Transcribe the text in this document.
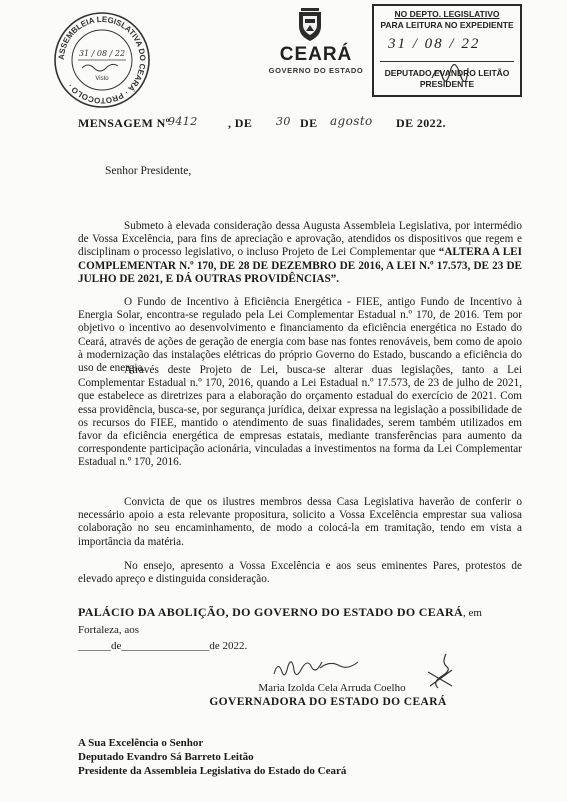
ASSEMBLEIA LEGISLATIVA DO CEARÁ · PROTOCOLO ·
31 / 08 / 22
Visto
CEARÁ
GOVERNO DO ESTADO
NO DEPTO. LEGISLATIVO
PARA LEITURA NO EXPEDIENTE
31 / 08 / 22
DEPUTADO EVANDRO LEITÃO
PRESIDENTE
MENSAGEM Nº
9412	, DE 30 DE agosto DE 2022.
Senhor Presidente,

Submeto à elevada consideração dessa Augusta Assembleia Legislativa, por intermédio de Vossa Excelência, para fins de apreciação e aprovação, atendidos os dispositivos que regem e disciplinam o processo legislativo, o incluso Projeto de Lei Complementar que “ALTERA A LEI COMPLEMENTAR N.º 170, DE 28 DE DEZEMBRO DE 2016, A LEI N.º 17.573, DE 23 DE JULHO DE 2021, E DÁ OUTRAS PROVIDÊNCIAS”.

O Fundo de Incentivo à Eficiência Energética - FIEE, antigo Fundo de Incentivo à Energia Solar, encontra-se regulado pela Lei Complementar Estadual n.º 170, de 2016. Tem por objetivo o incentivo ao desenvolvimento e financiamento da eficiência energética no Estado do Ceará, através de ações de geração de energia com base nas fontes renováveis, bem como de apoio à modernização das instalações elétricas do próprio Governo do Estado, buscando a eficiência do uso de energia.

Através deste Projeto de Lei, busca-se alterar duas legislações, tanto a Lei Complementar Estadual n.º 170, 2016, quando a Lei Estadual n.º 17.573, de 23 de julho de 2021, que estabelece as diretrizes para a elaboração do orçamento estadual do exercício de 2021. Com essa providência, busca-se, por segurança jurídica, deixar expressa na legislação a possibilidade de os recursos do FIEE, mantido o atendimento de suas finalidades, serem também utilizados em favor da eficiência energética de empresas estatais, mediante transferências para aumento da correspondente participação acionária, vinculadas a investimentos na forma da Lei Complementar Estadual n.º 170, 2016.

Convicta de que os ilustres membros dessa Casa Legislativa haverão de conferir o necessário apoio a esta relevante propositura, solicito a Vossa Excelência emprestar sua valiosa colaboração no seu encaminhamento, de modo a colocá-la em tramitação, tendo em vista a importância da matéria.

No ensejo, apresento a Vossa Excelência e aos seus eminentes Pares, protestos de elevado apreço e distinguida consideração.

PALÁCIO DA ABOLIÇÃO, DO GOVERNO DO ESTADO DO CEARÁ, em Fortaleza, aos
______de________________de 2022.
Maria Izolda Cela Arruda Coelho
GOVERNADORA DO ESTADO DO CEARÁ
A Sua Excelência o Senhor
Deputado Evandro Sá Barreto Leitão
Presidente da Assembleia Legislativa do Estado do Ceará
